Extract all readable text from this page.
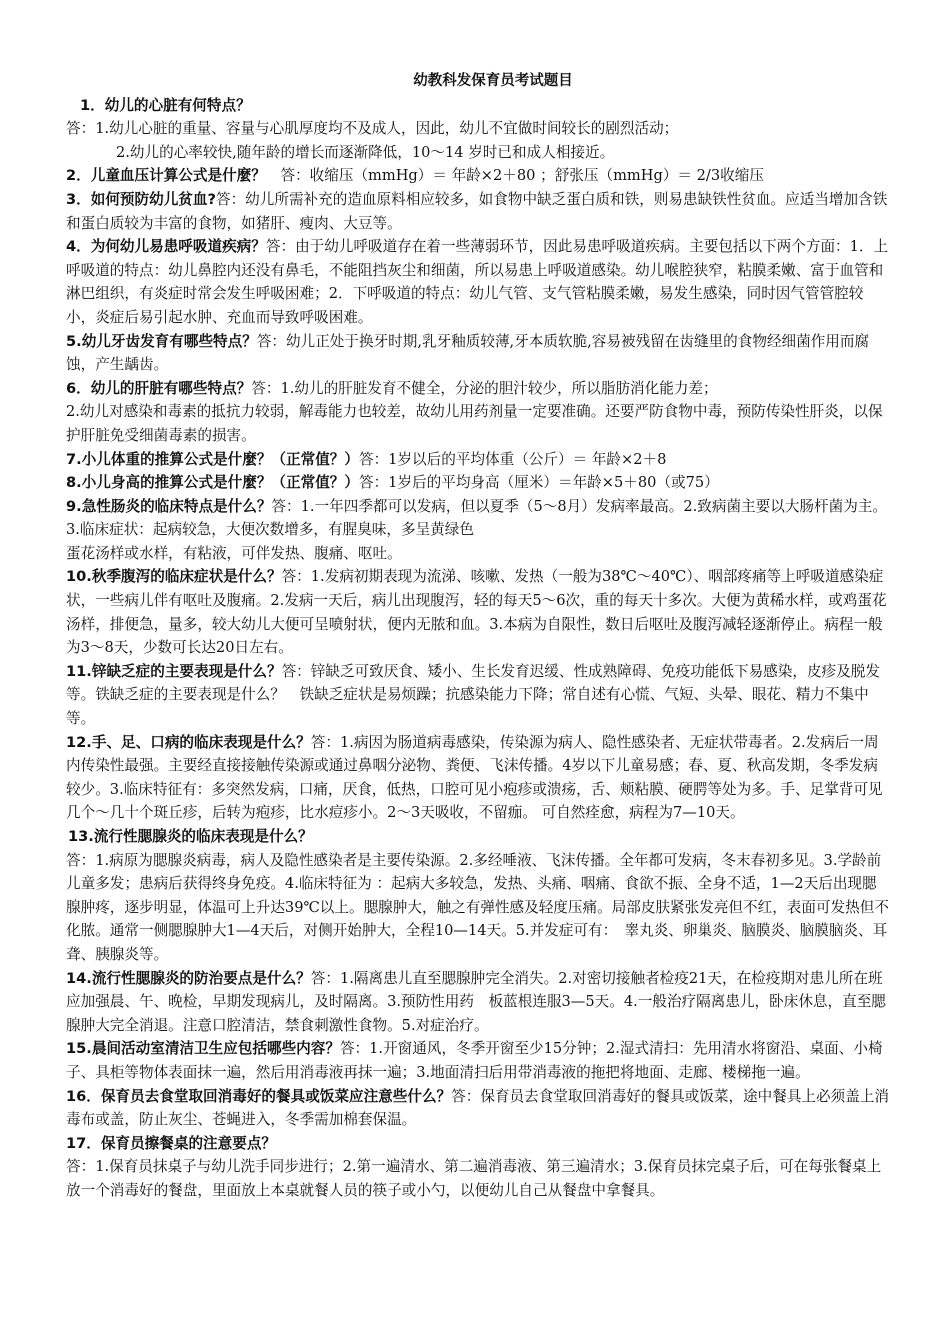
幼教科发保育员考试题目

1．幼儿的心脏有何特点？

答：1.幼儿心脏的重量、容量与心肌厚度均不及成人，因此，幼儿不宜做时间较长的剧烈活动；

2.幼儿的心率较快,随年龄的增长而逐渐降低，10～14 岁时已和成人相接近。

2．儿童血压计算公式是什麼？　答：收缩压（mmHg）＝ 年龄×2＋80 ；舒张压（mmHg）＝ 2/3收缩压

3．如何预防幼儿贫血?答：幼儿所需补充的造血原料相应较多，如食物中缺乏蛋白质和铁，则易患缺铁性贫血。应适当增加含铁和蛋白质较为丰富的食物，如猪肝、瘦肉、大豆等。

4．为何幼儿易患呼吸道疾病？答：由于幼儿呼吸道存在着一些薄弱环节，因此易患呼吸道疾病。主要包括以下两个方面：1．上呼吸道的特点：幼儿鼻腔内还没有鼻毛，不能阻挡灰尘和细菌，所以易患上呼吸道感染。幼儿喉腔狭窄，粘膜柔嫩、富于血管和淋巴组织，有炎症时常会发生呼吸困难；2．下呼吸道的特点：幼儿气管、支气管粘膜柔嫩，易发生感染，同时因气管管腔较小，炎症后易引起水肿、充血而导致呼吸困难。

5.幼儿牙齿发育有哪些特点？答：幼儿正处于换牙时期,乳牙釉质较薄,牙本质软脆,容易被残留在齿缝里的食物经细菌作用而腐蚀，产生龋齿。

6．幼儿的肝脏有哪些特点？答：1.幼儿的肝脏发育不健全，分泌的胆汁较少，所以脂肪消化能力差；

2.幼儿对感染和毒素的抵抗力较弱，解毒能力也较差，故幼儿用药剂量一定要准确。还要严防食物中毒，预防传染性肝炎，以保护肝脏免受细菌毒素的损害。

7.小儿体重的推算公式是什麼？（正常值？）答：1岁以后的平均体重（公斤）＝ 年龄×2＋8

8.小儿身高的推算公式是什麼？（正常值？）答：1岁后的平均身高（厘米）＝年龄×5＋80（或75）

9.急性肠炎的临床特点是什么？答：1.一年四季都可以发病，但以夏季（5～8月）发病率最高。2.致病菌主要以大肠杆菌为主。3.临床症状：起病较急，大便次数增多，有腥臭味，多呈黄绿色

蛋花汤样或水样，有粘液，可伴发热、腹痛、呕吐。

10.秋季腹泻的临床症状是什么？答：1.发病初期表现为流涕、咳嗽、发热（一般为38℃～40℃）、咽部疼痛等上呼吸道感染症状，一些病儿伴有呕吐及腹痛。2.发病一天后，病儿出现腹泻，轻的每天5～6次，重的每天十多次。大便为黄稀水样，或鸡蛋花汤样，排便急，量多，较大幼儿大便可呈喷射状，便内无脓和血。3.本病为自限性，数日后呕吐及腹泻减轻逐渐停止。病程一般为3～8天，少数可长达20日左右。

11.锌缺乏症的主要表现是什么？答：锌缺乏可致厌食、矮小、生长发育迟缓、性成熟障碍、免疫功能低下易感染，皮疹及脱发等。铁缺乏症的主要表现是什么？　铁缺乏症状是易烦躁；抗感染能力下降；常自述有心慌、气短、头晕、眼花、精力不集中等。

12.手、足、口病的临床表现是什么？答：1.病因为肠道病毒感染，传染源为病人、隐性感染者、无症状带毒者。2.发病后一周内传染性最强。主要经直接接触传染源或通过鼻咽分泌物、粪便、飞沫传播。4岁以下儿童易感；春、夏、秋高发期，冬季发病较少。3.临床特征有：多突然发病，口痛，厌食，低热，口腔可见小疱疹或溃疡，舌、颊粘膜、硬腭等处为多。手、足掌背可见几个～几十个斑丘疹，后转为疱疹，比水痘疹小。2～3天吸收，不留痂。 可自然痊愈，病程为7—10天。

13.流行性腮腺炎的临床表现是什么？

答：1.病原为腮腺炎病毒，病人及隐性感染者是主要传染源。2.多经唾液、飞沫传播。全年都可发病，冬末春初多见。3.学龄前儿童多发；患病后获得终身免疫。4.临床特征为 ：起病大多较急，发热、头痛、咽痛、食欲不振、全身不适，1—2天后出现腮腺肿疼，逐步明显，体温可上升达39℃以上。腮腺肿大，触之有弹性感及轻度压痛。局部皮肤紧张发亮但不红，表面可发热但不化脓。通常一侧腮腺肿大1—4天后，对侧开始肿大，全程10—14天。5.并发症可有：　睾丸炎、卵巢炎、脑膜炎、脑膜脑炎、耳聋、胰腺炎等。

14.流行性腮腺炎的防治要点是什么？答：1.隔离患儿直至腮腺肿完全消失。2.对密切接触者检疫21天，在检疫期对患儿所在班应加强晨、午、晚检，早期发现病儿，及时隔离。3.预防性用药　板蓝根连服3—5天。4.一般治疗隔离患儿，卧床休息，直至腮腺肿大完全消退。注意口腔清洁，禁食刺激性食物。5.对症治疗。

15.晨间活动室清洁卫生应包括哪些内容？答：1.开窗通风，冬季开窗至少15分钟；2.湿式清扫：先用清水将窗沿、桌面、小椅子、具柜等物体表面抹一遍，然后用消毒液再抹一遍；3.地面清扫后用带消毒液的拖把将地面、走廊、楼梯拖一遍。

16．保育员去食堂取回消毒好的餐具或饭菜应注意些什么？答：保育员去食堂取回消毒好的餐具或饭菜，途中餐具上必须盖上消毒布或盖，防止灰尘、苍蝇进入，冬季需加棉套保温。

17．保育员擦餐桌的注意要点？

答：1.保育员抹桌子与幼儿洗手同步进行；2.第一遍清水、第二遍消毒液、第三遍清水；3.保育员抹完桌子后，可在每张餐桌上放一个消毒好的餐盘，里面放上本桌就餐人员的筷子或小勺，以便幼儿自己从餐盘中拿餐具。
